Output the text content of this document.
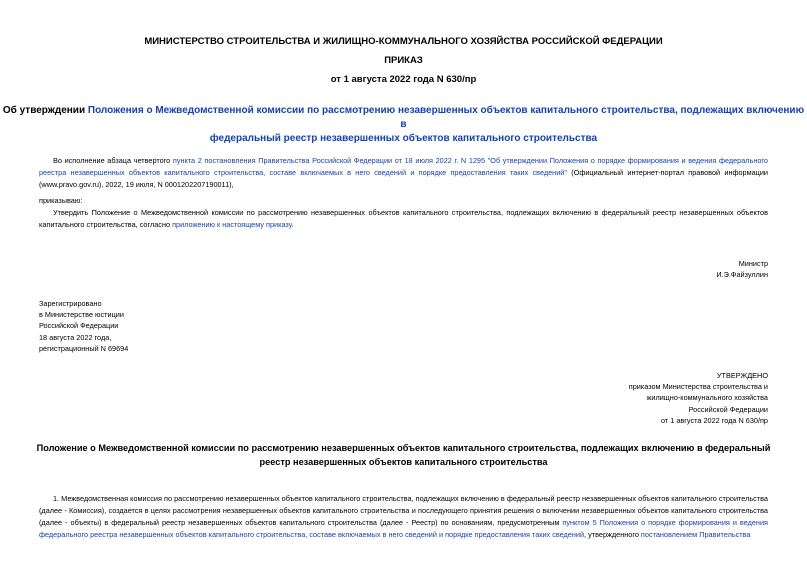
МИНИСТЕРСТВО СТРОИТЕЛЬСТВА И ЖИЛИЩНО-КОММУНАЛЬНОГО ХОЗЯЙСТВА РОССИЙСКОЙ ФЕДЕРАЦИИ
ПРИКАЗ
от 1 августа 2022 года N 630/пр
Об утверждении Положения о Межведомственной комиссии по рассмотрению незавершенных объектов капитального строительства, подлежащих включению в
федеральный реестр незавершенных объектов капитального строительства
Во исполнение абзаца четвертого пункта 2 постановления Правительства Российской Федерации от 18 июля 2022 г. N 1295 "Об утверждении Положения о порядке формирования и ведения федерального реестра незавершенных объектов капитального строительства, составе включаемых в него сведений и порядке предоставления таких сведений" (Официальный интернет-портал правовой информации (www.pravo.gov.ru), 2022, 19 июля, N 0001202207190011),
приказываю:
Утвердить Положение о Межведомственной комиссии по рассмотрению незавершенных объектов капитального строительства, подлежащих включению в федеральный реестр незавершенных объектов капитального строительства, согласно приложению к настоящему приказу.
Министр
И.Э.Файзуллин
Зарегистрировано
в Министерстве юстиции
Российской Федерации
18 августа 2022 года,
регистрационный N 69694
УТВЕРЖДЕНО
приказом Министерства строительства и
жилищно-коммунального хозяйства
Российской Федерации
от 1 августа 2022 года N 630/пр
Положение о Межведомственной комиссии по рассмотрению незавершенных объектов капитального строительства, подлежащих включению в федеральный
реестр незавершенных объектов капитального строительства
1. Межведомственная комиссия по рассмотрению незавершенных объектов капитального строительства, подлежащих включению в федеральный реестр незавершенных объектов капитального строительства (далее - Комиссия), создается в целях рассмотрения незавершенных объектов капитального строительства и последующего принятия решения о включении незавершенных объектов капитального строительства (далее - объекты) в федеральный реестр незавершенных объектов капитального строительства (далее - Реестр) по основаниям, предусмотренным пунктом 5 Положения о порядке формирования и ведения федерального реестра незавершенных объектов капитального строительства, составе включаемых в него сведений и порядке предоставления таких сведений, утвержденного постановлением Правительства
